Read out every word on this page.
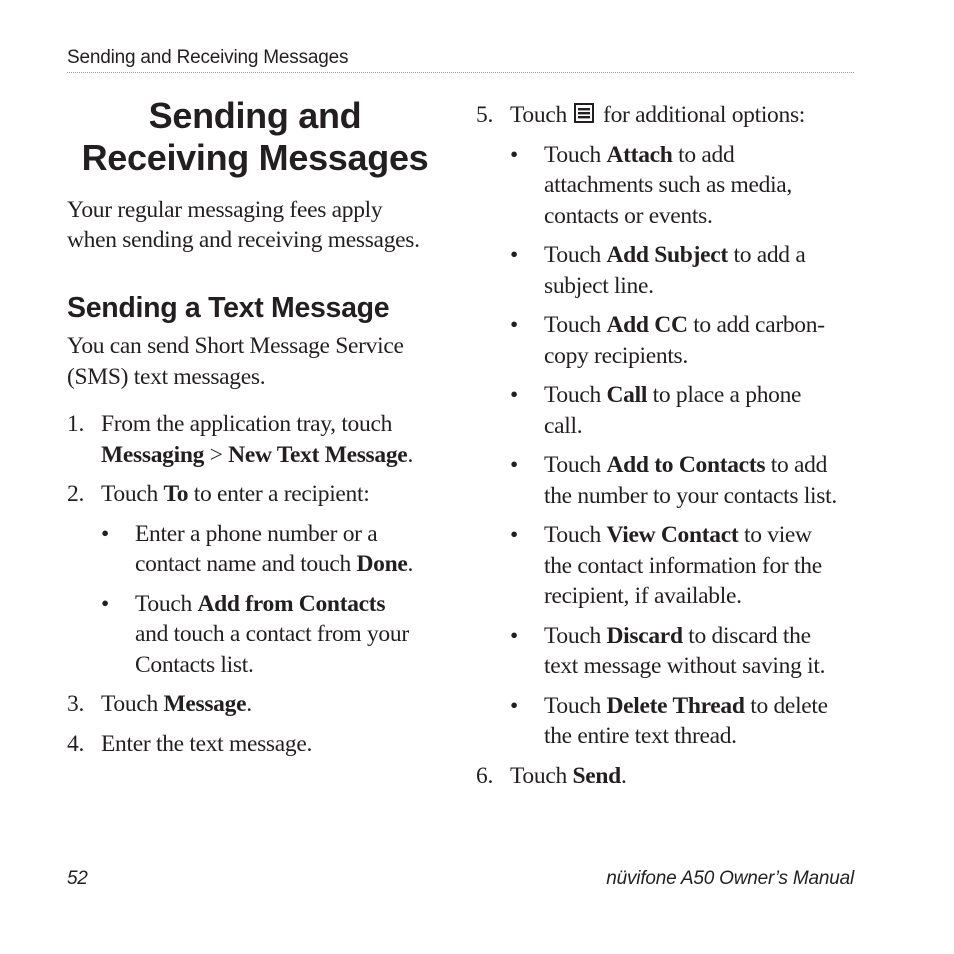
Sending and Receiving Messages
Sending and
Receiving Messages

Your regular messaging fees apply
when sending and receiving messages.

Sending a Text Message

You can send Short Message Service
(SMS) text messages.

1. From the application tray, touch
Messaging > New Text Message.
2. Touch To to enter a recipient:
• Enter a phone number or a
contact name and touch Done.
• Touch Add from Contacts
and touch a contact from your
Contacts list.
3. Touch Message.
4. Enter the text message.
5. Touch  for additional options:
• Touch Attach to add
attachments such as media,
contacts or events.
• Touch Add Subject to add a
subject line.
• Touch Add CC to add carbon-
copy recipients.
• Touch Call to place a phone
call.
• Touch Add to Contacts to add
the number to your contacts list.
• Touch View Contact to view
the contact information for the
recipient, if available.
• Touch Discard to discard the
text message without saving it.
• Touch Delete Thread to delete
the entire text thread.
6. Touch Send.
52	nüvifone A50 Owner’s Manual
